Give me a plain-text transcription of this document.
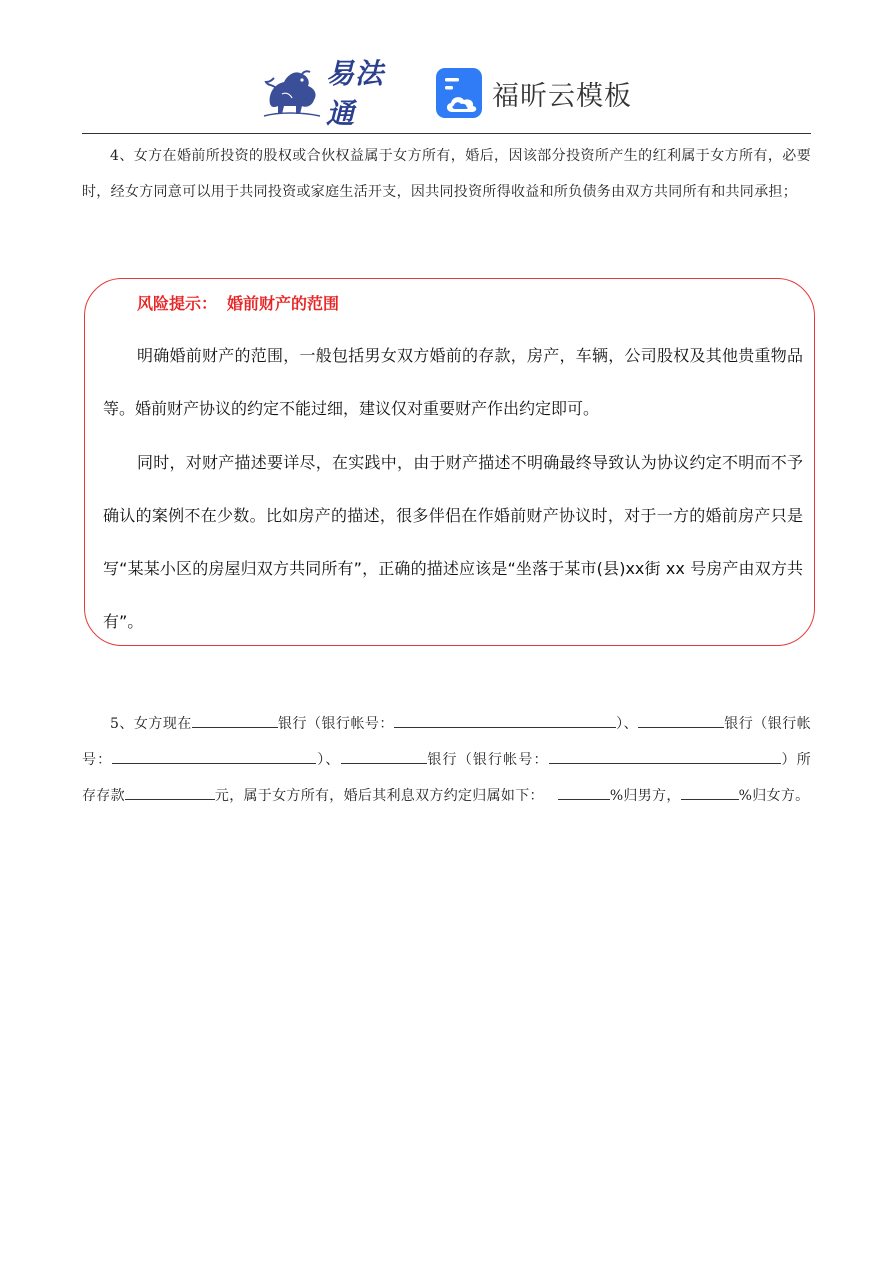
易法通
福昕云模板
4、女方在婚前所投资的股权或合伙权益属于女方所有，婚后，因该部分投资所产生的红利属于女方所有，必要时，经女方同意可以用于共同投资或家庭生活开支，因共同投资所得收益和所负债务由双方共同所有和共同承担；
风险提示： 婚前财产的范围
明确婚前财产的范围，一般包括男女双方婚前的存款，房产，车辆，公司股权及其他贵重物品等。婚前财产协议的约定不能过细，建议仅对重要财产作出约定即可。
同时，对财产描述要详尽，在实践中，由于财产描述不明确最终导致认为协议约定不明而不予确认的案例不在少数。比如房产的描述，很多伴侣在作婚前财产协议时，对于一方的婚前房产只是写“某某小区的房屋归双方共同所有”，正确的描述应该是“坐落于某市(县)xx街 xx 号房产由双方共有”。
5、女方现在	银行（银行帐号：	）、	银行（银行帐号：	）、	银行（银行帐号：	）所存存款	元，属于女方所有，婚后其利息双方约定归属如下：	%归男方，	%归女方。
